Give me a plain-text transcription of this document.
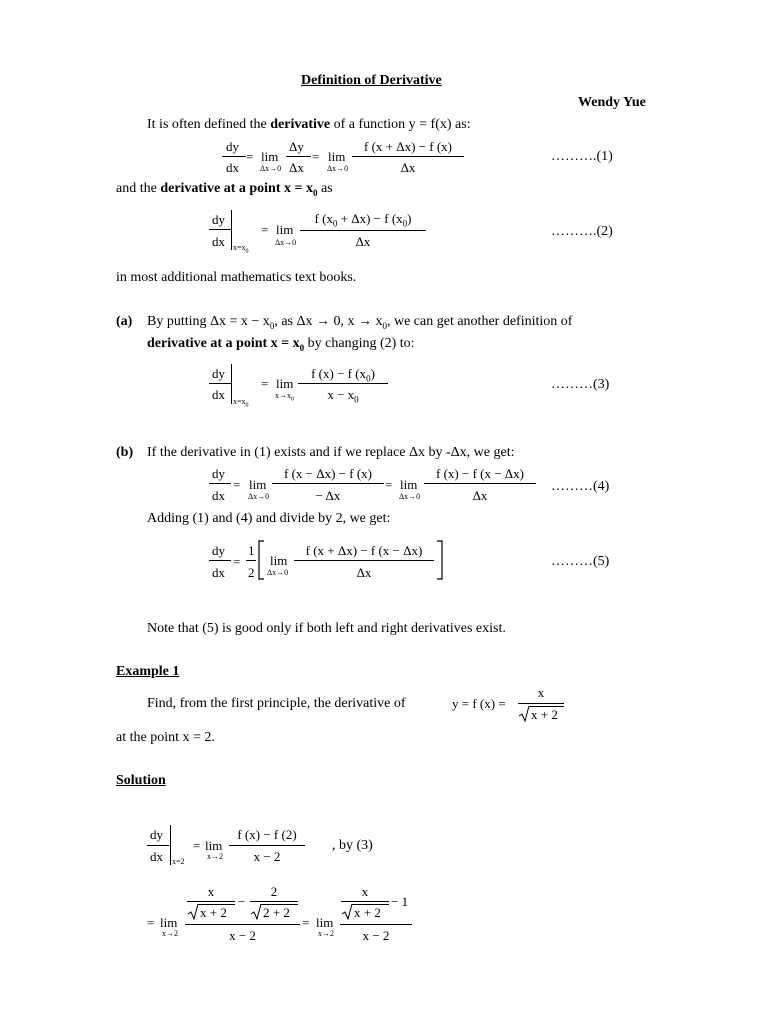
Definition of Derivative
Wendy Yue
It is often defined the derivative of a function y = f(x) as:
dy
dx
= lim
Δx→0
Δy
Δx
= lim
Δx→0
f (x + Δx) − f (x)
Δx
……….(1)
and the derivative at a point $x = x_0$ as
dy
dx $x=x_0$
= lim
Δx→0
f $(x_0 + \Delta x) - f$ $(x_0)$
Δx
……….(2)
in most additional mathematics text books.
(a) By putting $\Delta x = x - x_0$, as Δx → 0, $x \to x_0$, we can get another definition of
derivative at a point $x = x_0$ by changing (2) to:
dy
dx $x=x_0$
= lim
$x\to x_0$
f (x) − f $(x_0)$
$x - x_0$
………(3)
(b) If the derivative in (1) exists and if we replace Δx by -Δx, we get:
dy
dx
= lim
Δx→0
f (x − Δx) − f (x)
− Δx
= lim
Δx→0
f (x) − f (x − Δx)
Δx
………(4)
Adding (1) and (4) and divide by 2, we get:
dy
dx
=
1
2
lim
Δx→0
f (x + Δx) − f (x − Δx)
Δx
………(5)
Note that (5) is good only if both left and right derivatives exist.
Example 1
Find, from the first principle, the derivative of	y = f (x) =
x
x + 2
at the point x = 2.
Solution
dy
dx x=2
= lim
x→2
f (x) − f (2)
x − 2
, by (3)
= lim
x→2
x
x + 2
−
2
2 + 2
x − 2
= lim
x→2
x
x + 2
− 1
x − 2
